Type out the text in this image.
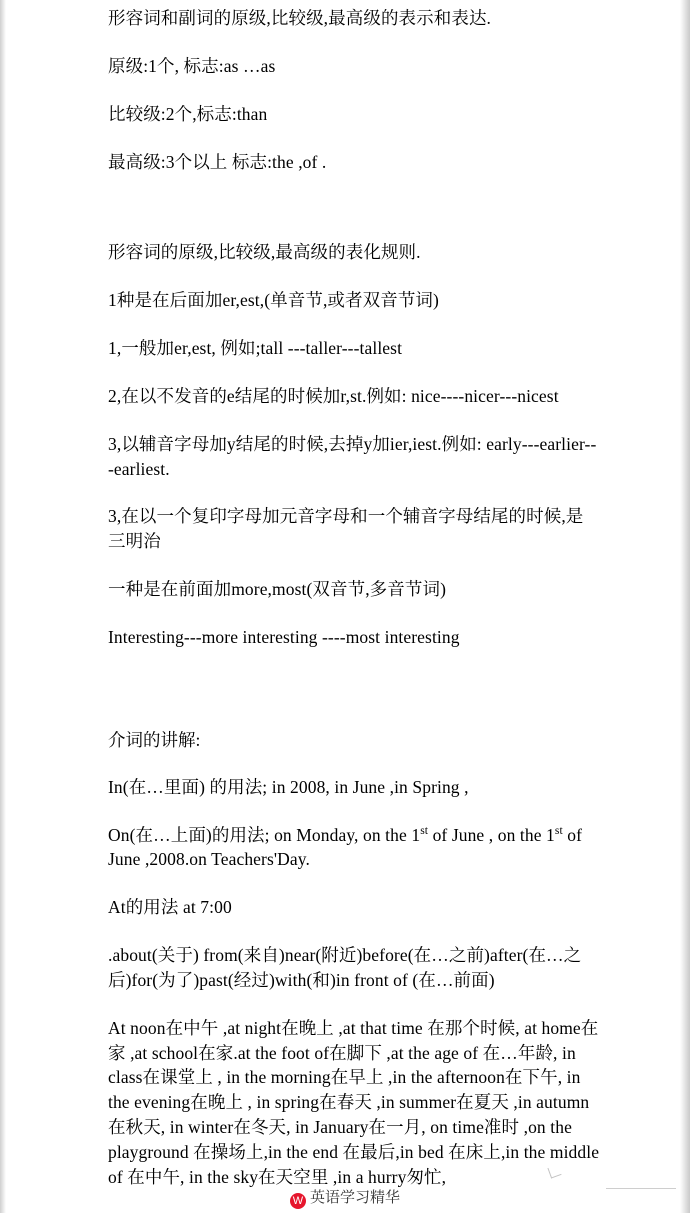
形容词和副词的原级,比较级,最高级的表示和表达.

原级:1个, 标志:as …as

比较级:2个,标志:than

最高级:3个以上 标志:the ,of .

形容词的原级,比较级,最高级的表化规则.

1种是在后面加er,est,(单音节,或者双音节词)

1,一般加er,est, 例如;tall ---taller---tallest

2,在以不发音的e结尾的时候加r,st.例如: nice----nicer---nicest

3,以辅音字母加y结尾的时候,去掉y加ier,iest.例如: early---earlier---earliest.

3,在以一个复印字母加元音字母和一个辅音字母结尾的时候,是三明治

一种是在前面加more,most(双音节,多音节词)

Interesting---more interesting ----most interesting

介词的讲解:

In(在…里面) 的用法; in 2008, in June ,in Spring ,

On(在…上面)的用法; on Monday, on the 1st of June , on the 1st of June ,2008.on Teachers'Day.

At的用法 at 7:00

.about(关于) from(来自)near(附近)before(在…之前)after(在…之后)for(为了)past(经过)with(和)in front of (在…前面)

At noon在中午 ,at night在晚上 ,at that time 在那个时候, at home在家 ,at school在家.at the foot of在脚下 ,at the age of 在…年龄, in class在课堂上 , in the morning在早上 ,in the afternoon在下午, in the evening在晚上 , in spring在春天 ,in summer在夏天 ,in autumn在秋天, in winter在冬天, in January在一月, on time准时 ,on the playground 在操场上,in the end 在最后,in bed 在床上,in the middle of 在中午, in the sky在天空里 ,in a hurry匆忙,

W 英语学习精华
